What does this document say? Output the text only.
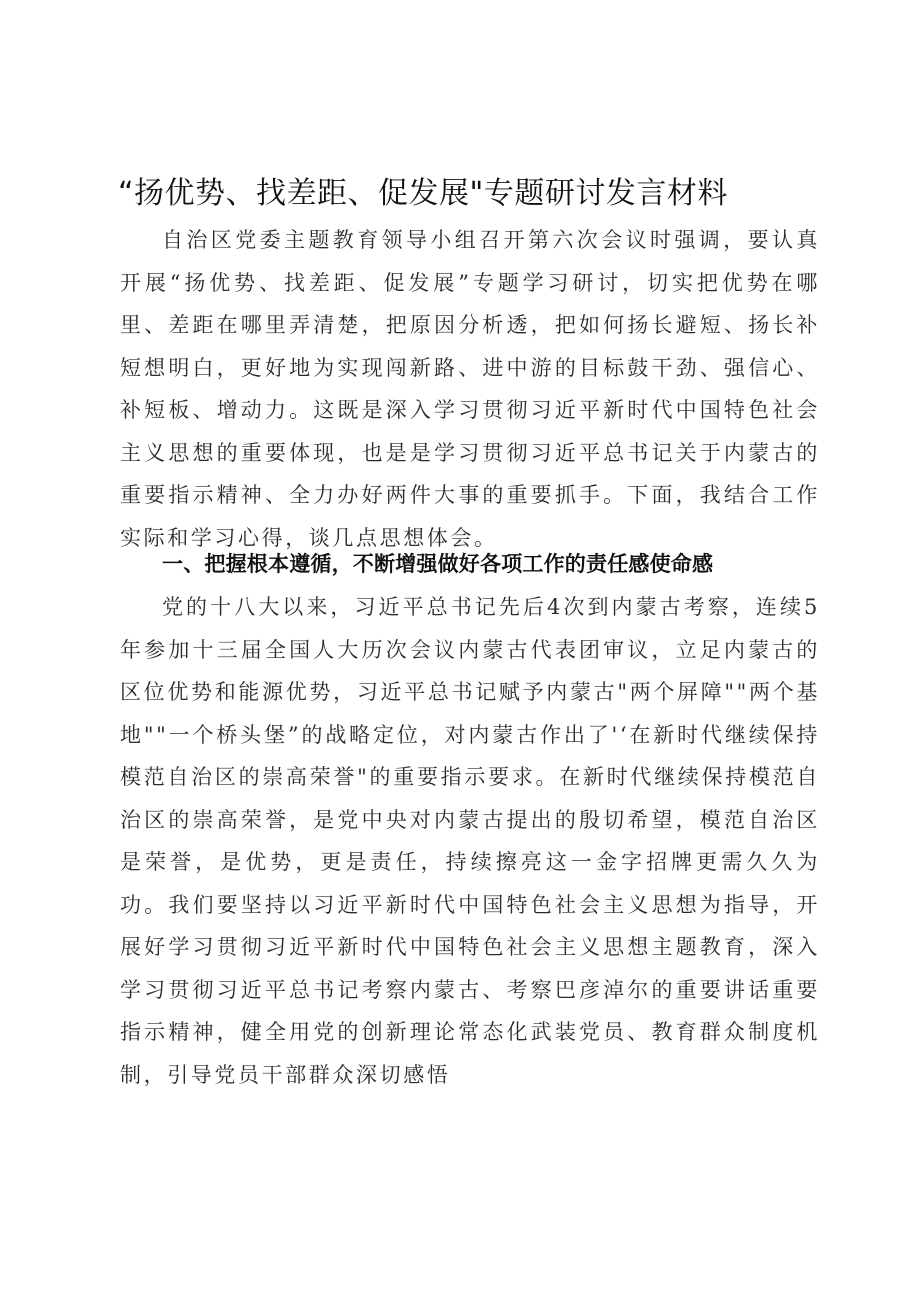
“扬优势、找差距、促发展"专题研讨发言材料

自治区党委主题教育领导小组召开第六次会议时强调，要认真开展“扬优势、找差距、促发展”专题学习研讨，切实把优势在哪里、差距在哪里弄清楚，把原因分析透，把如何扬长避短、扬长补短想明白，更好地为实现闯新路、进中游的目标鼓干劲、强信心、补短板、增动力。这既是深入学习贯彻习近平新时代中国特色社会主义思想的重要体现，也是是学习贯彻习近平总书记关于内蒙古的重要指示精神、全力办好两件大事的重要抓手。下面，我结合工作实际和学习心得，谈几点思想体会。

一、把握根本遵循，不断增强做好各项工作的责任感使命感

党的十八大以来，习近平总书记先后4次到内蒙古考察，连续5年参加十三届全国人大历次会议内蒙古代表团审议，立足内蒙古的区位优势和能源优势，习近平总书记赋予内蒙古"两个屏障""两个基地""一个桥头堡”的战略定位，对内蒙古作出了'‘在新时代继续保持模范自治区的崇高荣誉"的重要指示要求。在新时代继续保持模范自治区的崇高荣誉，是党中央对内蒙古提出的殷切希望，模范自治区是荣誉，是优势，更是责任，持续擦亮这一金字招牌更需久久为功。我们要坚持以习近平新时代中国特色社会主义思想为指导，开展好学习贯彻习近平新时代中国特色社会主义思想主题教育，深入学习贯彻习近平总书记考察内蒙古、考察巴彦淖尔的重要讲话重要指示精神，健全用党的创新理论常态化武装党员、教育群众制度机制，引导党员干部群众深切感悟
